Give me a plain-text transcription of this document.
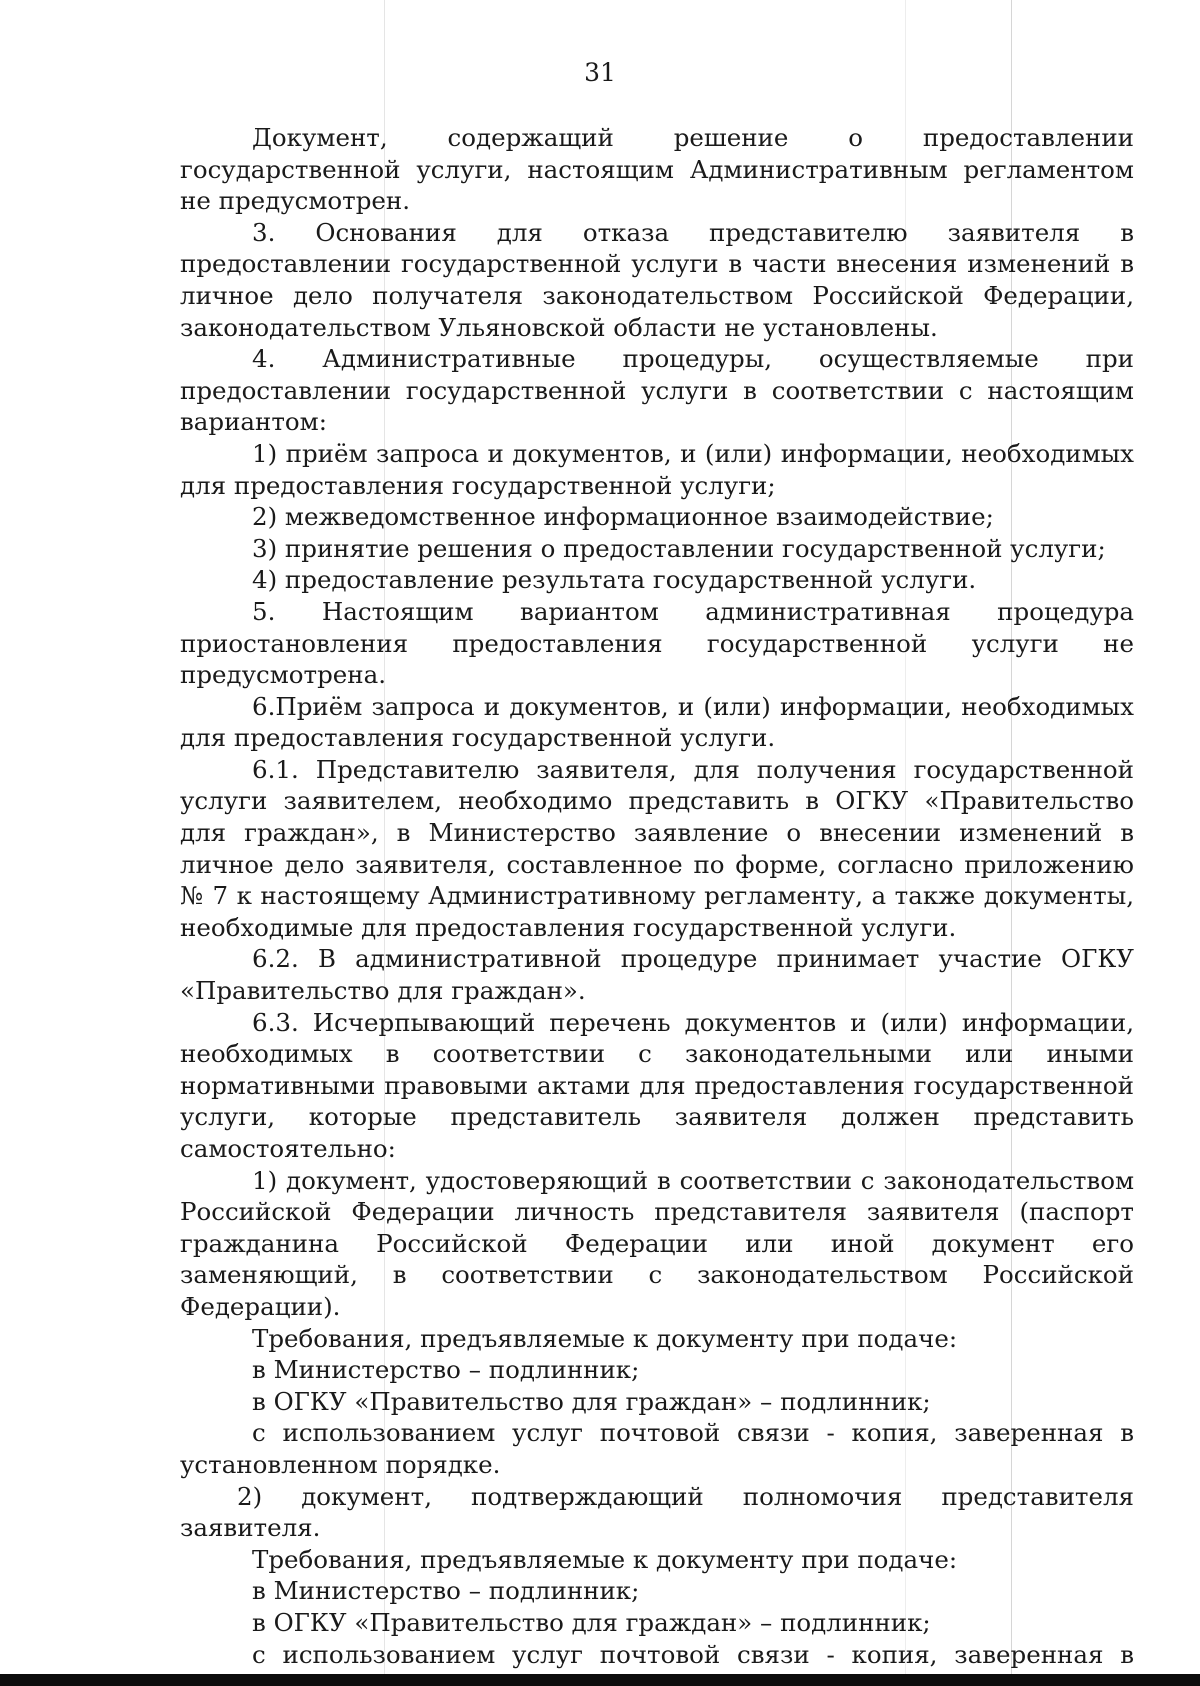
31

Документ, содержащий решение о предоставлении государственной услуги, настоящим Административным регламентом не предусмотрен.

3. Основания для отказа представителю заявителя в предоставлении государственной услуги в части внесения изменений в личное дело получателя законодательством Российской Федерации, законодательством Ульяновской области не установлены.

4. Административные процедуры, осуществляемые при предоставлении государственной услуги в соответствии с настоящим вариантом:

1) приём запроса и документов, и (или) информации, необходимых для предоставления государственной услуги;

2) межведомственное информационное взаимодействие;

3) принятие решения о предоставлении государственной услуги;

4) предоставление результата государственной услуги.

5. Настоящим вариантом административная процедура приостановления предоставления государственной услуги не предусмотрена.

6.Приём запроса и документов, и (или) информации, необходимых для предоставления государственной услуги.

6.1. Представителю заявителя, для получения государственной услуги заявителем, необходимо представить в ОГКУ «Правительство для граждан», в Министерство заявление о внесении изменений в личное дело заявителя, составленное по форме, согласно приложению № 7 к настоящему Административному регламенту, а также документы, необходимые для предоставления государственной услуги.

6.2. В административной процедуре принимает участие ОГКУ «Правительство для граждан».

6.3. Исчерпывающий перечень документов и (или) информации, необходимых в соответствии с законодательными или иными нормативными правовыми актами для предоставления государственной услуги, которые представитель заявителя должен представить самостоятельно:

1) документ, удостоверяющий в соответствии с законодательством Российской Федерации личность представителя заявителя (паспорт гражданина Российской Федерации или иной документ его заменяющий, в соответствии с законодательством Российской Федерации).

Требования, предъявляемые к документу при подаче:

в Министерство – подлинник;

в ОГКУ «Правительство для граждан» – подлинник;

с использованием услуг почтовой связи - копия, заверенная в установленном порядке.

2) документ, подтверждающий полномочия представителя заявителя.

Требования, предъявляемые к документу при подаче:

в Министерство – подлинник;

в ОГКУ «Правительство для граждан» – подлинник;

с использованием услуг почтовой связи - копия, заверенная в
